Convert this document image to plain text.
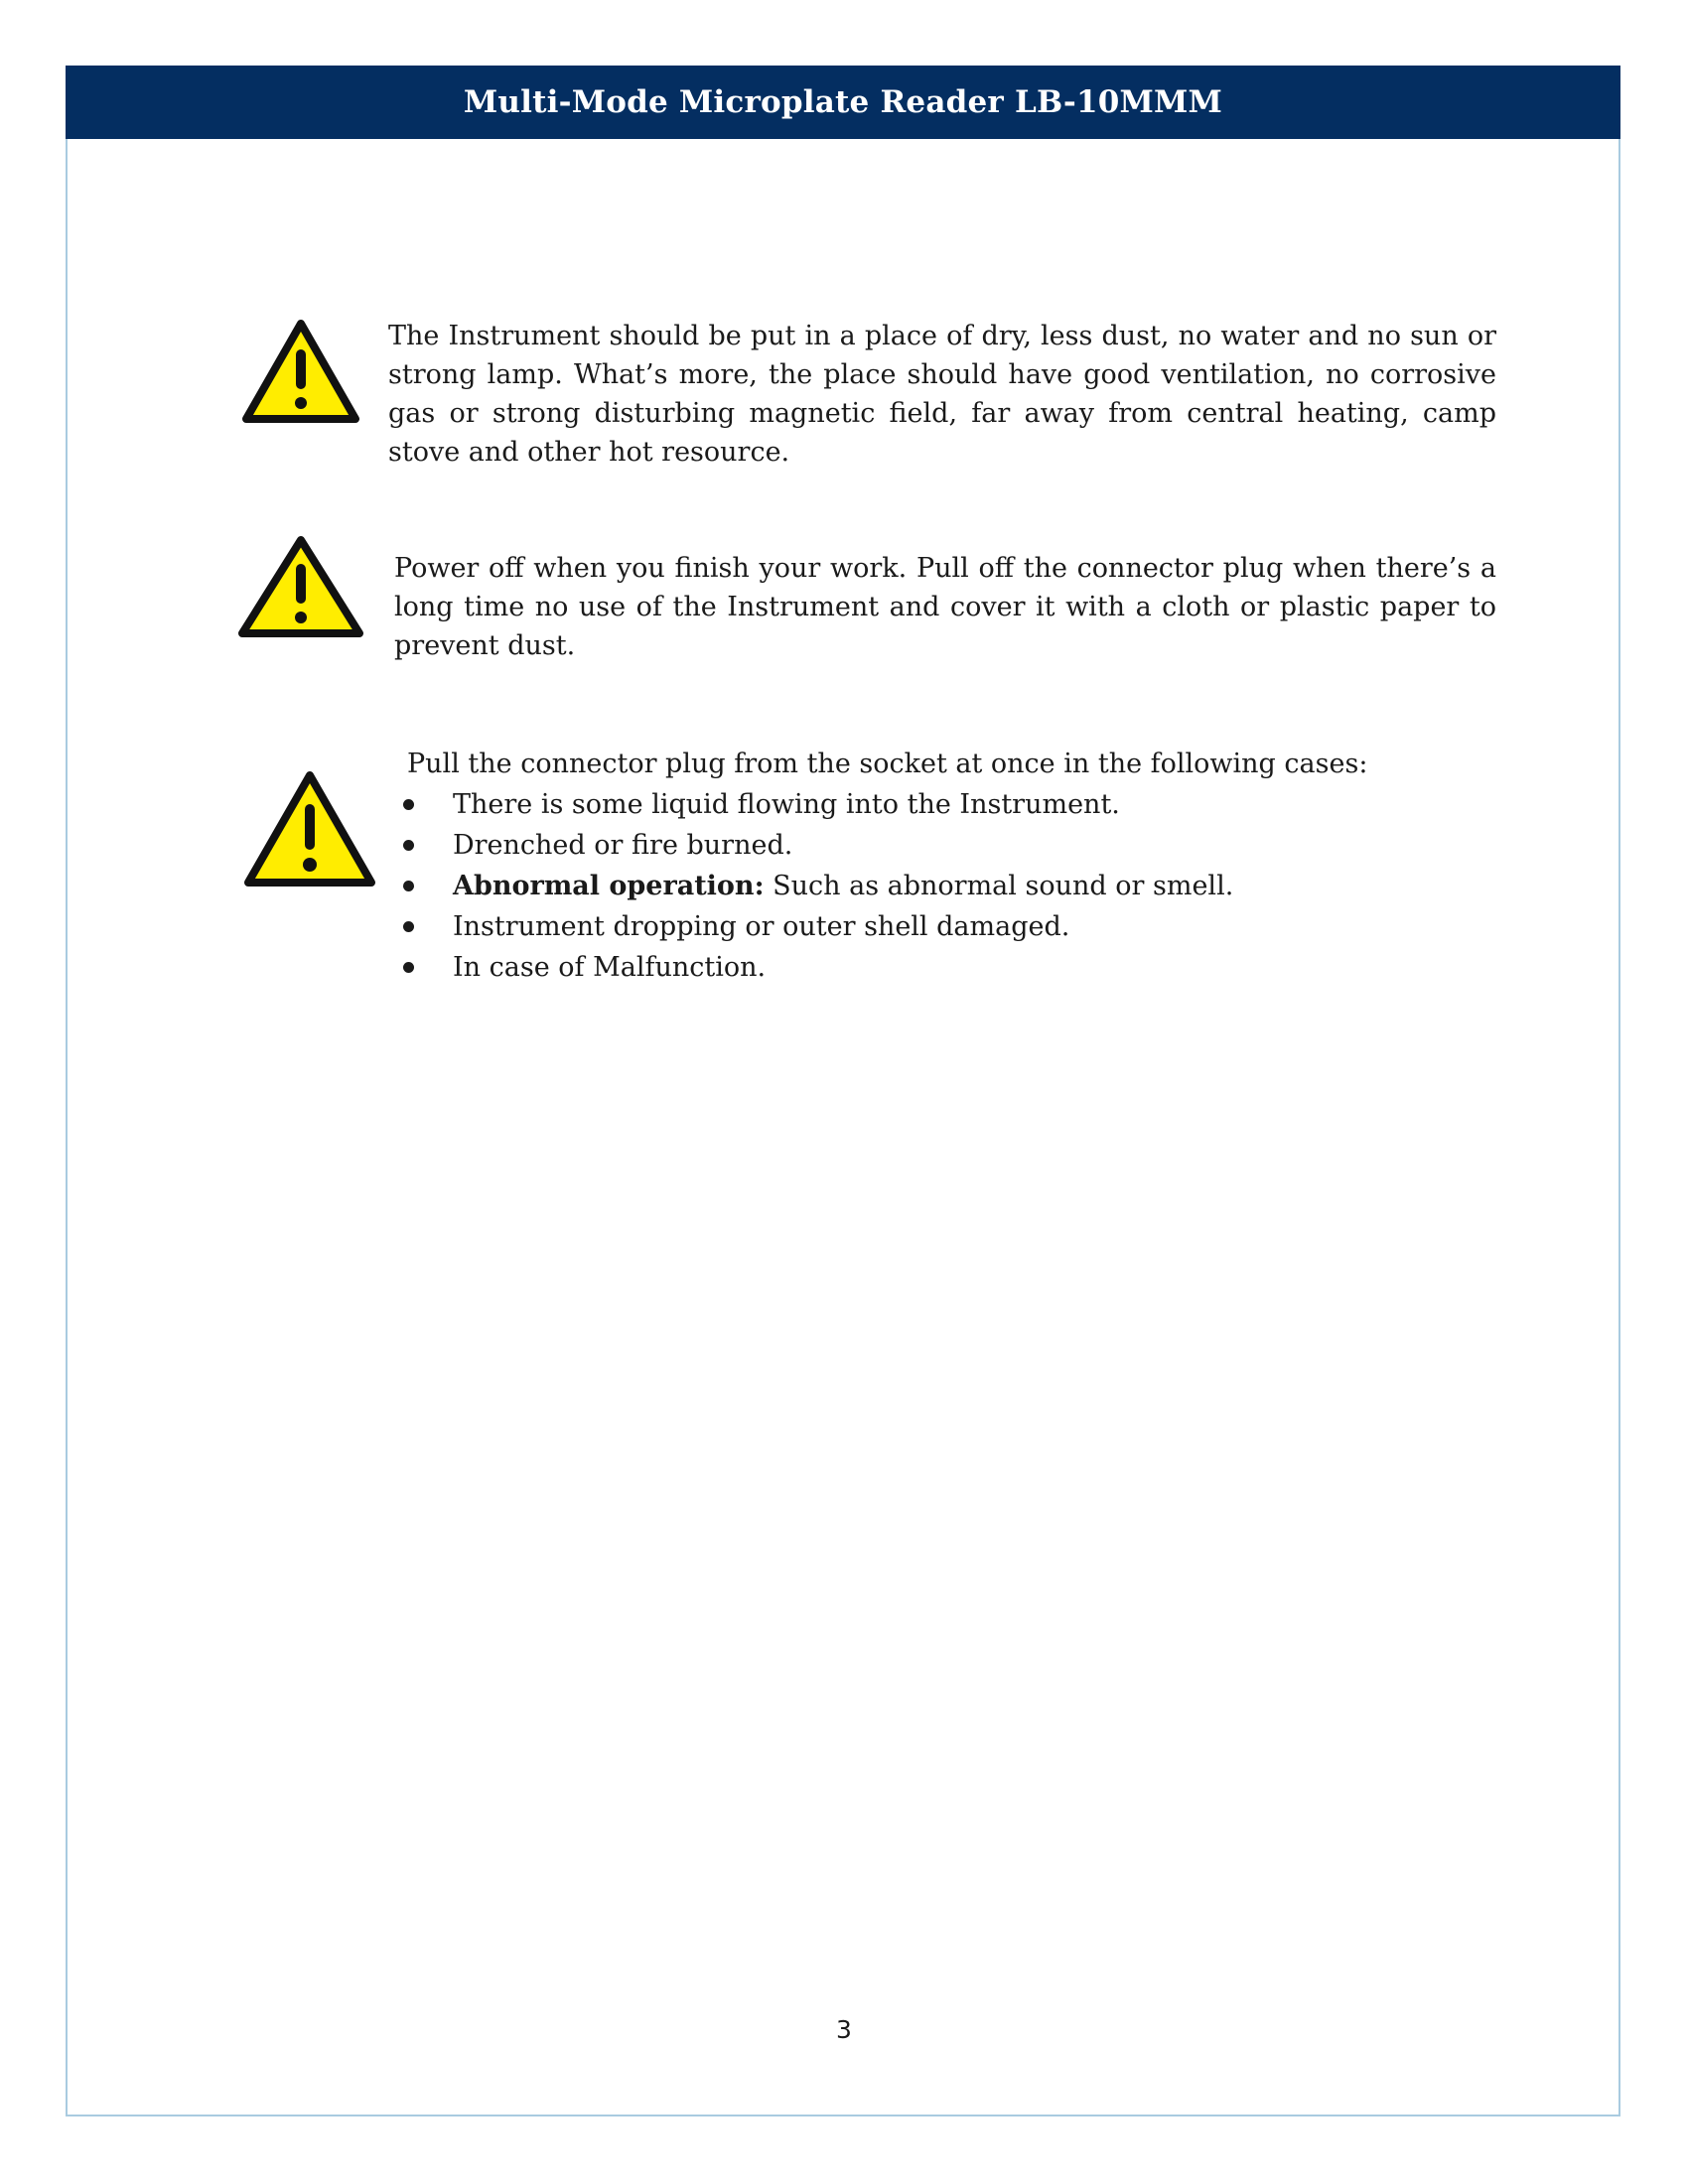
Multi-Mode Microplate Reader LB-10MMM
The Instrument should be put in a place of dry, less dust, no water and no sun or strong lamp. What’s more, the place should have good ventilation, no corrosive gas or strong disturbing magnetic field, far away from central heating, camp stove and other hot resource.
Power off when you finish your work. Pull off the connector plug when there’s a long time no use of the Instrument and cover it with a cloth or plastic paper to prevent dust.
Pull the connector plug from the socket at once in the following cases:
There is some liquid flowing into the Instrument.
Drenched or fire burned.
Abnormal operation: Such as abnormal sound or smell.
Instrument dropping or outer shell damaged.
In case of Malfunction.
3
